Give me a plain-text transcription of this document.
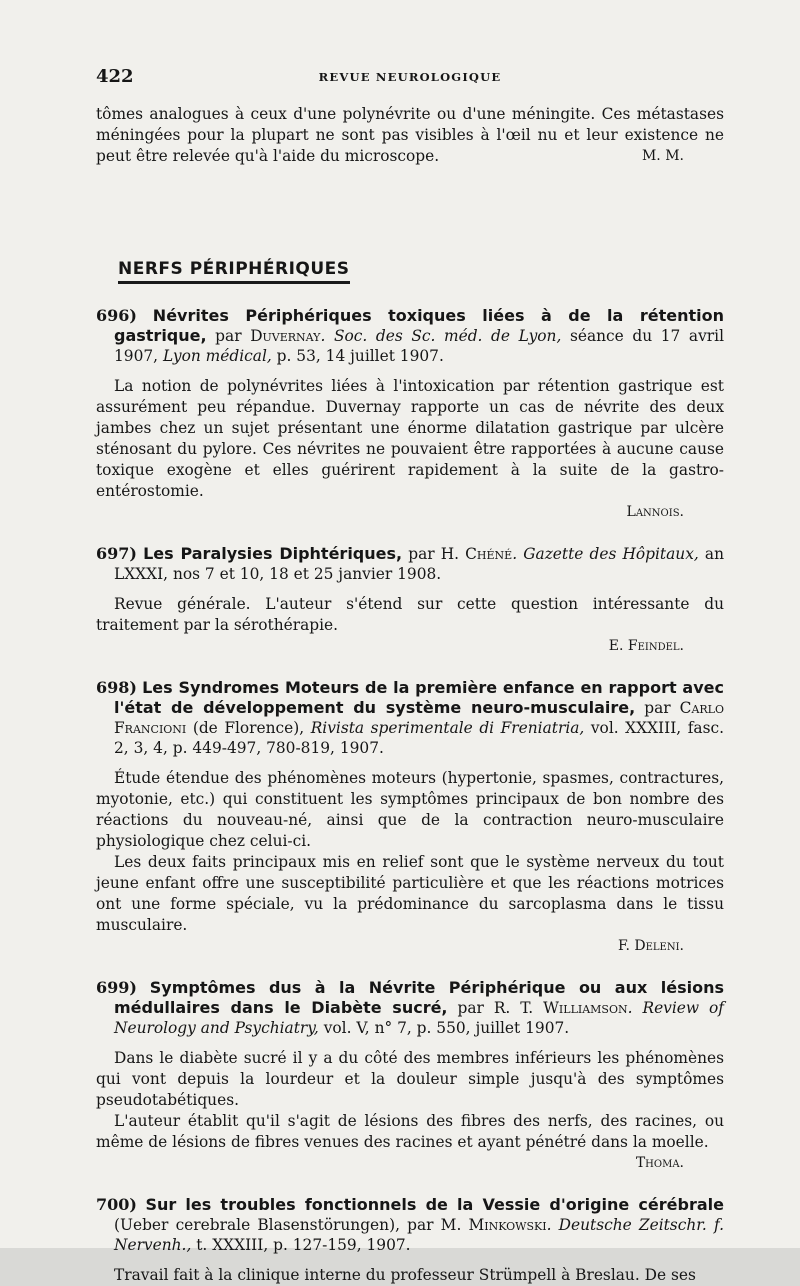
422	REVUE NEUROLOGIQUE

tômes analogues à ceux d'une polynévrite ou d'une méningite. Ces métastases méningées pour la plupart ne sont pas visibles à l'œil nu et leur existence ne peut être relevée qu'à l'aide du microscope.	M. M.

NERFS PÉRIPHÉRIQUES
696) Névrites Périphériques toxiques liées à de la rétention gastrique, par Duvernay. Soc. des Sc. méd. de Lyon, séance du 17 avril 1907, Lyon médical, p. 53, 14 juillet 1907.

La notion de polynévrites liées à l'intoxication par rétention gastrique est assurément peu répandue. Duvernay rapporte un cas de névrite des deux jambes chez un sujet présentant une énorme dilatation gastrique par ulcère sténosant du pylore. Ces névrites ne pouvaient être rapportées à aucune cause toxique exogène et elles guérirent rapidement à la suite de la gastro-entérostomie.

Lannois.
697) Les Paralysies Diphtériques, par H. Chéné. Gazette des Hôpitaux, an LXXXI, nos 7 et 10, 18 et 25 janvier 1908.

Revue générale. L'auteur s'étend sur cette question intéressante du traitement par la sérothérapie.

E. Feindel.
698) Les Syndromes Moteurs de la première enfance en rapport avec l'état de développement du système neuro-musculaire, par Carlo Francioni (de Florence), Rivista sperimentale di Freniatria, vol. XXXIII, fasc. 2, 3, 4, p. 449-497, 780-819, 1907.

Étude étendue des phénomènes moteurs (hypertonie, spasmes, contractures, myotonie, etc.) qui constituent les symptômes principaux de bon nombre des réactions du nouveau-né, ainsi que de la contraction neuro-musculaire physiologique chez celui-ci.

Les deux faits principaux mis en relief sont que le système nerveux du tout jeune enfant offre une susceptibilité particulière et que les réactions motrices ont une forme spéciale, vu la prédominance du sarcoplasma dans le tissu musculaire.

F. Deleni.
699) Symptômes dus à la Névrite Périphérique ou aux lésions médullaires dans le Diabète sucré, par R. T. Williamson. Review of Neurology and Psychiatry, vol. V, n° 7, p. 550, juillet 1907.

Dans le diabète sucré il y a du côté des membres inférieurs les phénomènes qui vont depuis la lourdeur et la douleur simple jusqu'à des symptômes pseudotabétiques.

L'auteur établit qu'il s'agit de lésions des fibres des nerfs, des racines, ou même de lésions de fibres venues des racines et ayant pénétré dans la moelle.

Thoma.
700) Sur les troubles fonctionnels de la Vessie d'origine cérébrale (Ueber cerebrale Blasenstörungen), par M. Minkowski. Deutsche Zeitschr. f. Nervenh., t. XXXIII, p. 127-159, 1907.

Travail fait à la clinique interne du professeur Strümpell à Breslau. De ses
